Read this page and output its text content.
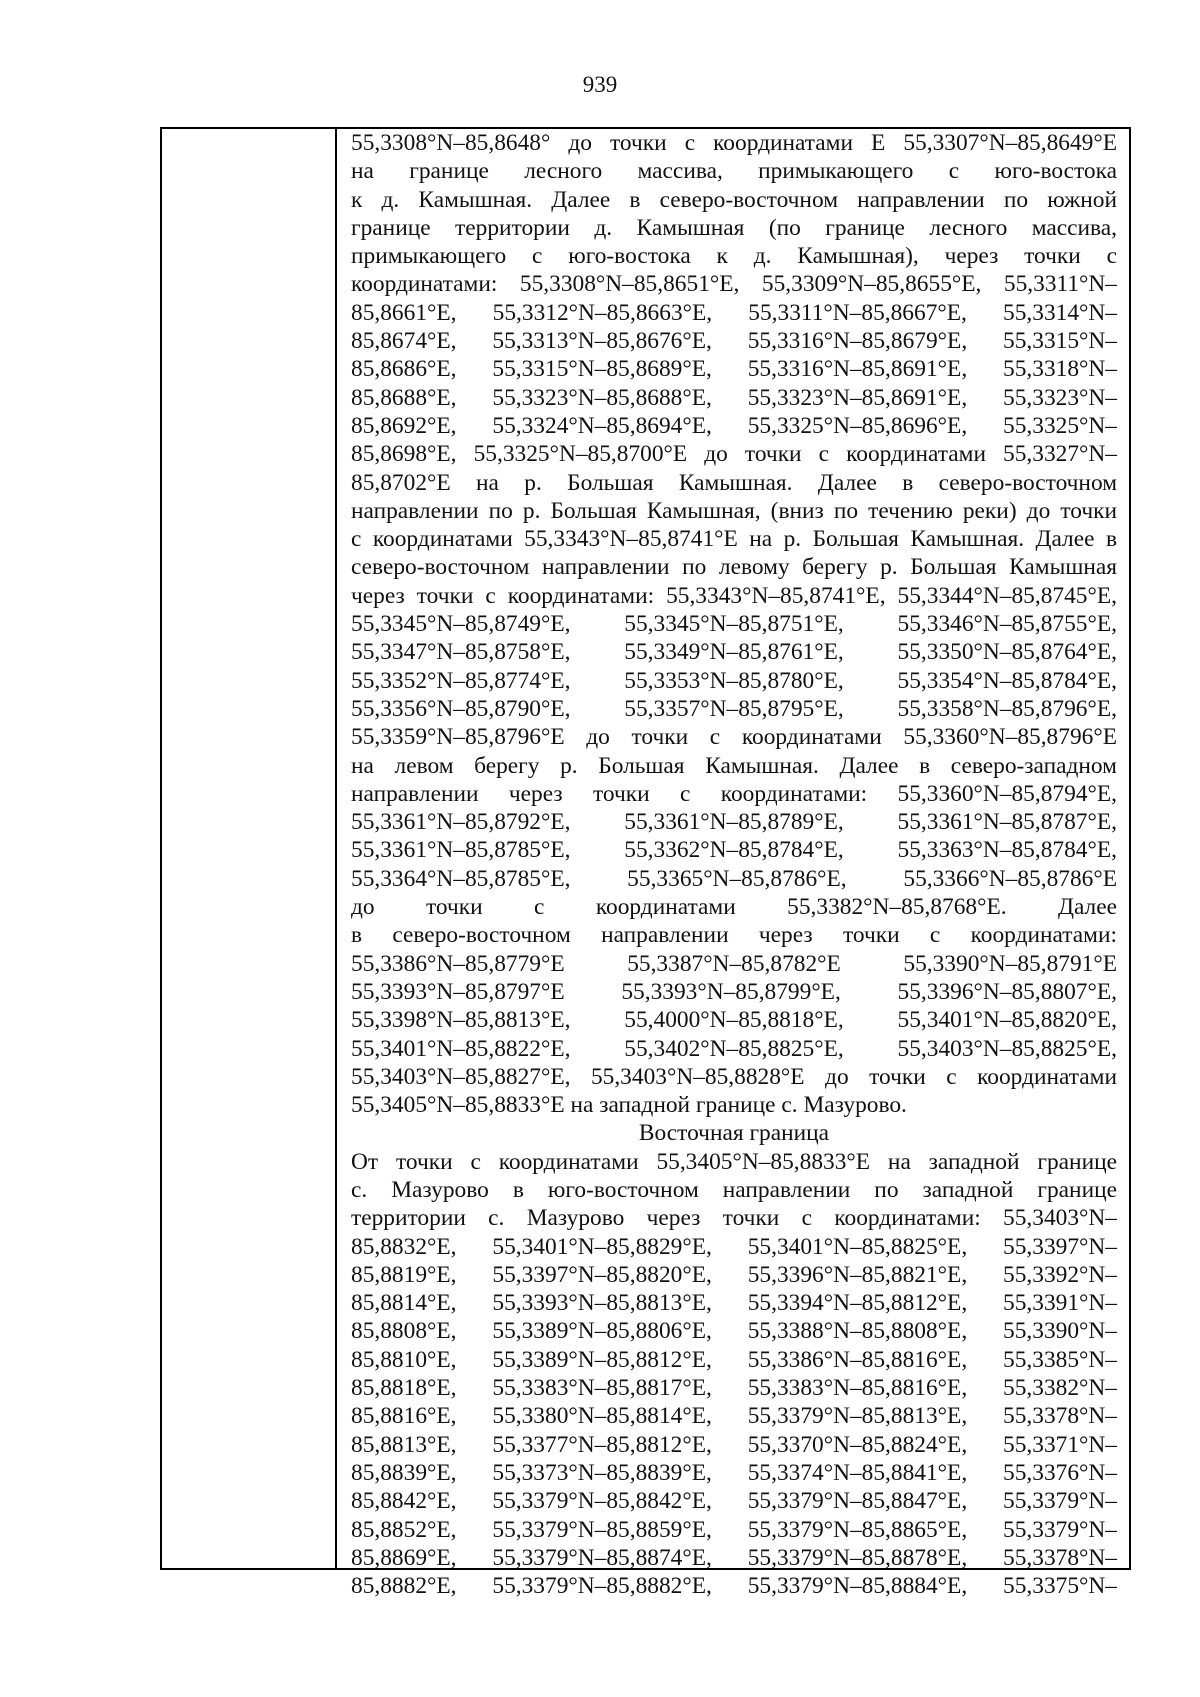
939

55,3308°N–85,8648° до точки с координатами Е 55,3307°N–85,8649°E

на границе лесного массива, примыкающего с юго-востока

к д. Камышная. Далее в северо-восточном направлении по южной

границе территории д. Камышная (по границе лесного массива,

примыкающего с юго-востока к д. Камышная), через точки с

координатами: 55,3308°N–85,8651°E, 55,3309°N–85,8655°E, 55,3311°N–

85,8661°E, 55,3312°N–85,8663°E, 55,3311°N–85,8667°E, 55,3314°N–

85,8674°E, 55,3313°N–85,8676°E, 55,3316°N–85,8679°E, 55,3315°N–

85,8686°E, 55,3315°N–85,8689°E, 55,3316°N–85,8691°E, 55,3318°N–

85,8688°E, 55,3323°N–85,8688°E, 55,3323°N–85,8691°E, 55,3323°N–

85,8692°E, 55,3324°N–85,8694°E, 55,3325°N–85,8696°E, 55,3325°N–

85,8698°E, 55,3325°N–85,8700°E до точки с координатами 55,3327°N–

85,8702°E на р. Большая Камышная. Далее в северо-восточном

направлении по р. Большая Камышная, (вниз по течению реки) до точки

с координатами 55,3343°N–85,8741°E на р. Большая Камышная. Далее в

северо-восточном направлении по левому берегу р. Большая Камышная

через точки с координатами: 55,3343°N–85,8741°E, 55,3344°N–85,8745°E,

55,3345°N–85,8749°E, 55,3345°N–85,8751°E, 55,3346°N–85,8755°E,

55,3347°N–85,8758°E, 55,3349°N–85,8761°E, 55,3350°N–85,8764°E,

55,3352°N–85,8774°E, 55,3353°N–85,8780°E, 55,3354°N–85,8784°E,

55,3356°N–85,8790°E, 55,3357°N–85,8795°E, 55,3358°N–85,8796°E,

55,3359°N–85,8796°E до точки с координатами 55,3360°N–85,8796°E

на левом берегу р. Большая Камышная. Далее в северо-западном

направлении через точки с координатами: 55,3360°N–85,8794°E,

55,3361°N–85,8792°E, 55,3361°N–85,8789°E, 55,3361°N–85,8787°E,

55,3361°N–85,8785°E, 55,3362°N–85,8784°E, 55,3363°N–85,8784°E,

55,3364°N–85,8785°E, 55,3365°N–85,8786°E, 55,3366°N–85,8786°E

до точки с координатами 55,3382°N–85,8768°E. Далее

в северо-восточном направлении через точки с координатами:

55,3386°N–85,8779°E 55,3387°N–85,8782°E 55,3390°N–85,8791°E

55,3393°N–85,8797°E 55,3393°N–85,8799°E, 55,3396°N–85,8807°E,

55,3398°N–85,8813°E, 55,4000°N–85,8818°E, 55,3401°N–85,8820°E,

55,3401°N–85,8822°E, 55,3402°N–85,8825°E, 55,3403°N–85,8825°E,

55,3403°N–85,8827°E, 55,3403°N–85,8828°E до точки с координатами

55,3405°N–85,8833°E на западной границе с. Мазурово.

Восточная граница

От точки с координатами 55,3405°N–85,8833°E на западной границе

с. Мазурово в юго-восточном направлении по западной границе

территории с. Мазурово через точки с координатами: 55,3403°N–

85,8832°E, 55,3401°N–85,8829°E, 55,3401°N–85,8825°E, 55,3397°N–

85,8819°E, 55,3397°N–85,8820°E, 55,3396°N–85,8821°E, 55,3392°N–

85,8814°E, 55,3393°N–85,8813°E, 55,3394°N–85,8812°E, 55,3391°N–

85,8808°E, 55,3389°N–85,8806°E, 55,3388°N–85,8808°E, 55,3390°N–

85,8810°E, 55,3389°N–85,8812°E, 55,3386°N–85,8816°E, 55,3385°N–

85,8818°E, 55,3383°N–85,8817°E, 55,3383°N–85,8816°E, 55,3382°N–

85,8816°E, 55,3380°N–85,8814°E, 55,3379°N–85,8813°E, 55,3378°N–

85,8813°E, 55,3377°N–85,8812°E, 55,3370°N–85,8824°E, 55,3371°N–

85,8839°E, 55,3373°N–85,8839°E, 55,3374°N–85,8841°E, 55,3376°N–

85,8842°E, 55,3379°N–85,8842°E, 55,3379°N–85,8847°E, 55,3379°N–

85,8852°E, 55,3379°N–85,8859°E, 55,3379°N–85,8865°E, 55,3379°N–

85,8869°E, 55,3379°N–85,8874°E, 55,3379°N–85,8878°E, 55,3378°N–

85,8882°E, 55,3379°N–85,8882°E, 55,3379°N–85,8884°E, 55,3375°N–
